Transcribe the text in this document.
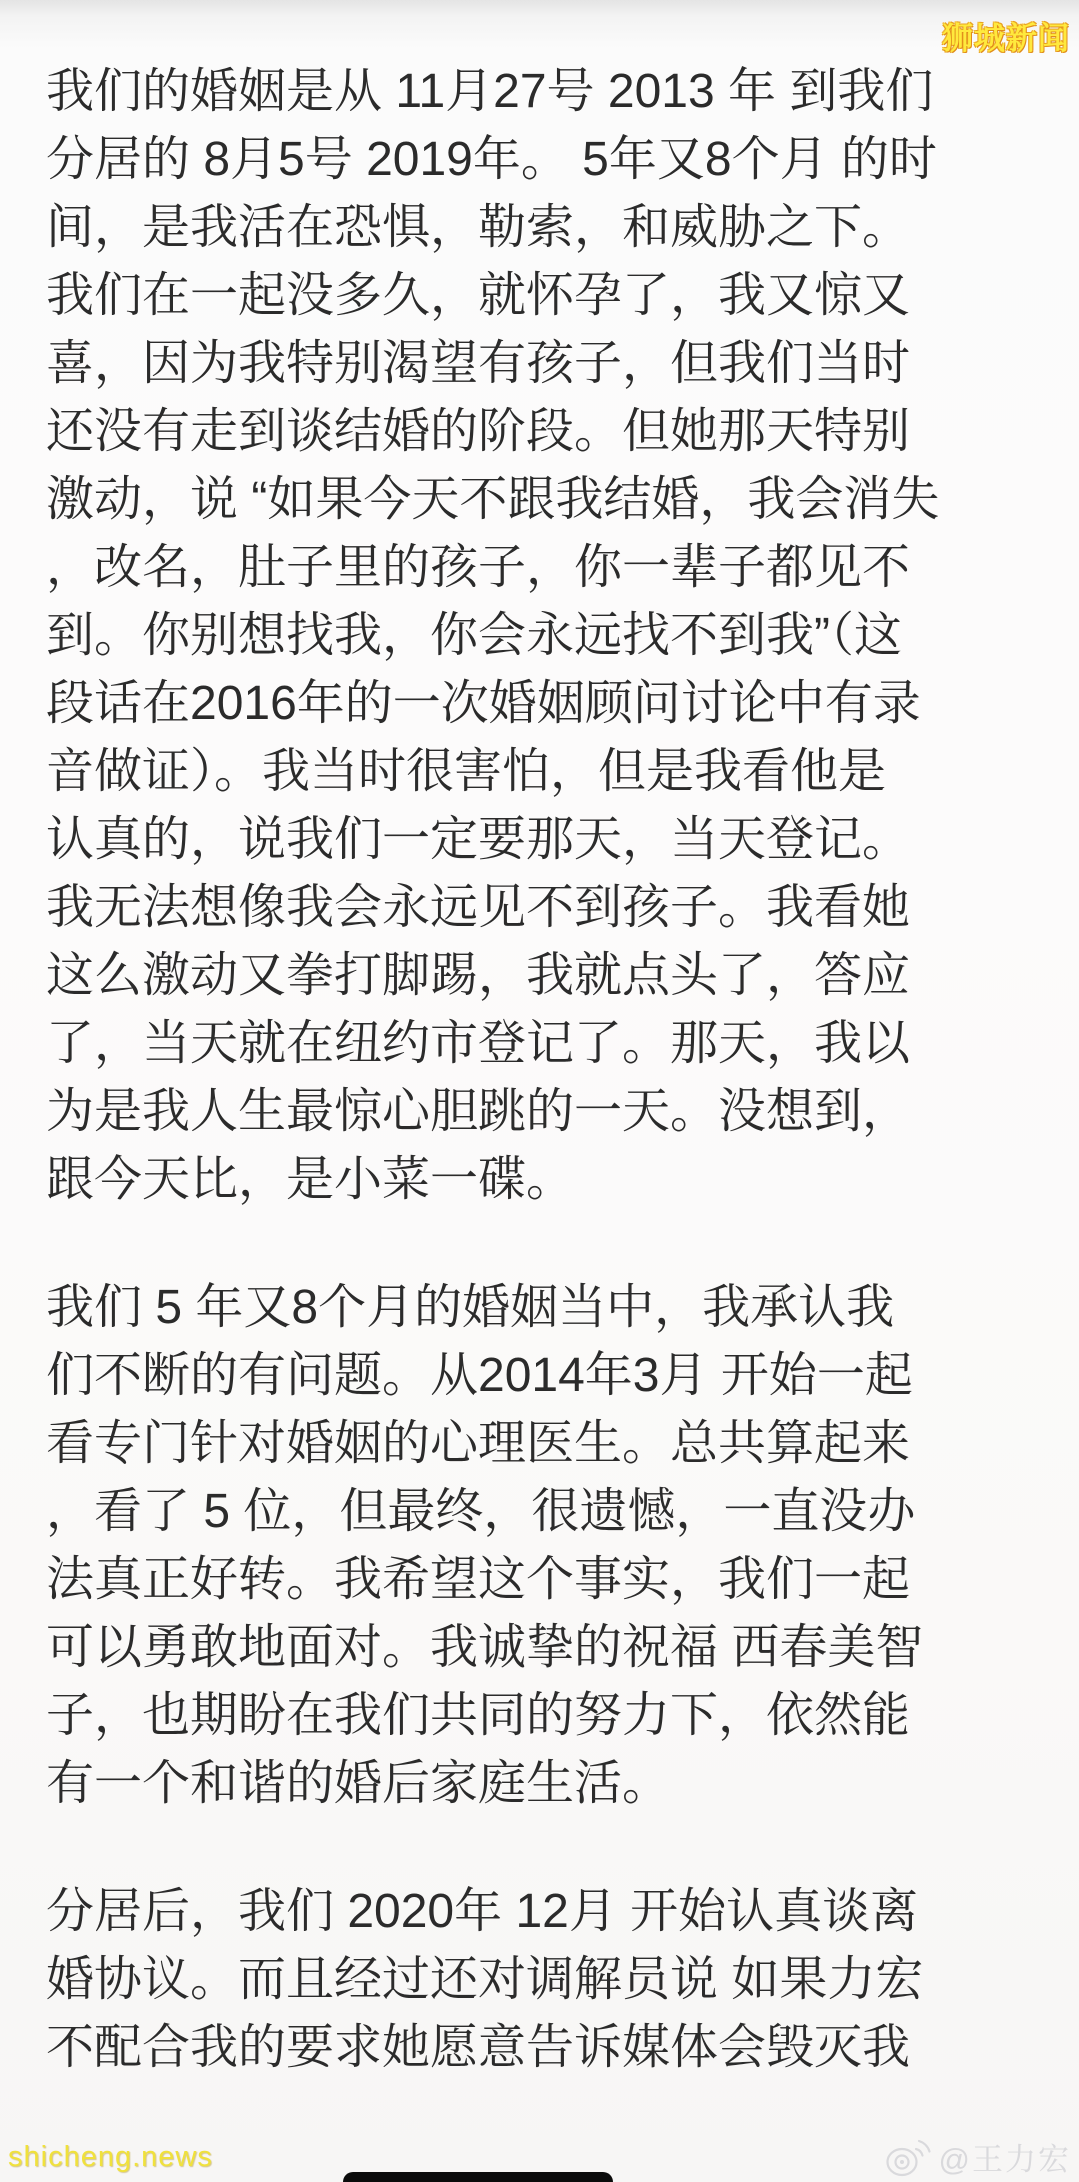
狮城新闻
我们的婚姻是从 11月27号 2013 年 到我们
分居的 8月5号 2019年。 5年又8个月 的时
间，是我活在恐惧，勒索，和威胁之下。
我们在一起没多久，就怀孕了，我又惊又
喜，因为我特别渴望有孩子，但我们当时
还没有走到谈结婚的阶段。但她那天特别
激动，说 “如果今天不跟我结婚，我会消失
，改名，肚子里的孩子，你一辈子都见不
到。你别想找我，你会永远找不到我”（这
段话在2016年的一次婚姻顾问讨论中有录
音做证）。我当时很害怕，但是我看他是
认真的，说我们一定要那天，当天登记。
我无法想像我会永远见不到孩子。我看她
这么激动又拳打脚踢，我就点头了，答应
了，当天就在纽约市登记了。那天，我以
为是我人生最惊心胆跳的一天。没想到，
跟今天比，是小菜一碟。
我们 5 年又8个月的婚姻当中，我承认我
们不断的有问题。从2014年3月 开始一起
看专门针对婚姻的心理医生。总共算起来
，看了 5 位，但最终，很遗憾，一直没办
法真正好转。我希望这个事实，我们一起
可以勇敢地面对。我诚挚的祝福 西春美智
子，也期盼在我们共同的努力下，依然能
有一个和谐的婚后家庭生活。
分居后，我们 2020年 12月 开始认真谈离
婚协议。而且经过还对调解员说 如果力宏
不配合我的要求她愿意告诉媒体会毁灭我
shicheng.news	@王力宏
